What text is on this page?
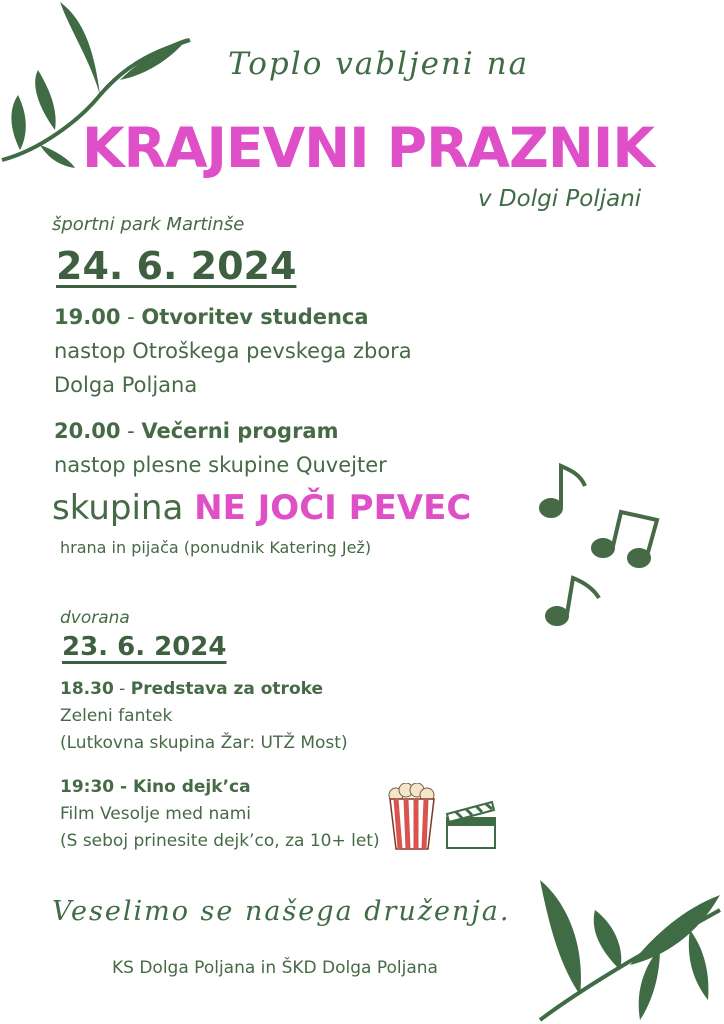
Toplo vabljeni na
KRAJEVNI PRAZNIK
v Dolgi Poljani
športni park Martinše
24. 6. 2024
19.00 - Otvoritev studenca
nastop Otroškega pevskega zbora
Dolga Poljana
20.00 - Večerni program
nastop plesne skupine Quvejter
skupina NE JOČI PEVEC
hrana in pijača (ponudnik Katering Jež)
dvorana
23. 6. 2024
18.30 - Predstava za otroke
Zeleni fantek
(Lutkovna skupina Žar: UTŽ Most)
19:30 - Kino dejk’ca
Film Vesolje med nami
(S seboj prinesite dejk’co, za 10+ let)
Veselimo se našega druženja.
KS Dolga Poljana in ŠKD Dolga Poljana
